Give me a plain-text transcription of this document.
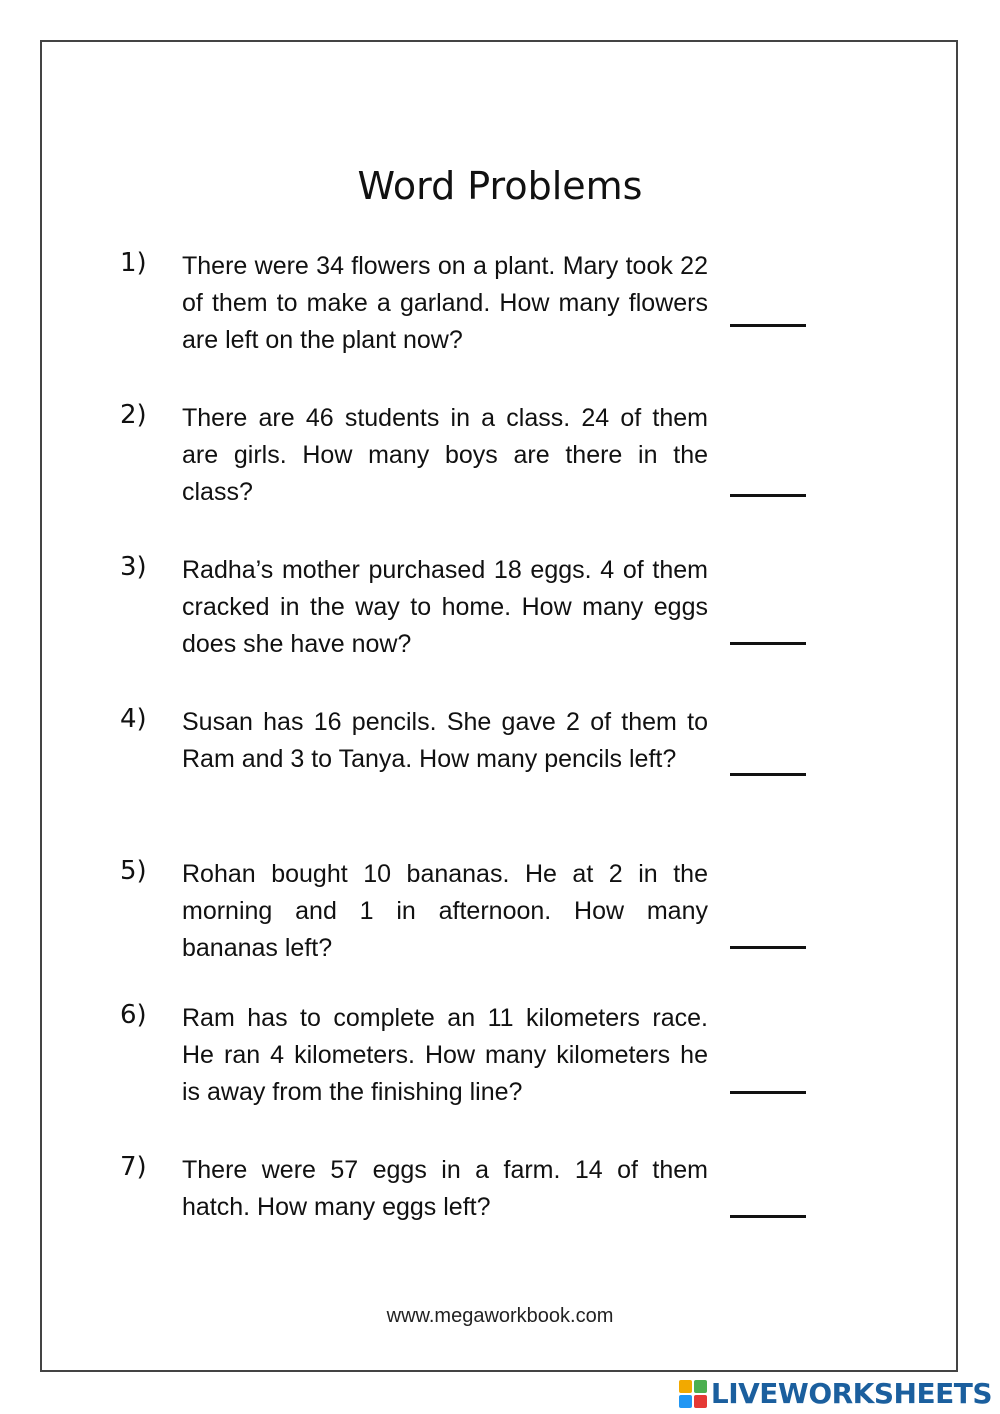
Word Problems
1) There were 34 flowers on a plant. Mary took 22 of them to make a garland. How many flowers are left on the plant now?
2) There are 46 students in a class. 24 of them are girls. How many boys are there in the class?
3) Radha’s mother purchased 18 eggs. 4 of them cracked in the way to home. How many eggs does she have now?
4) Susan has 16 pencils. She gave 2 of them to Ram and 3 to Tanya. How many pencils left?
5) Rohan bought 10 bananas. He at 2 in the morning and 1 in afternoon. How many bananas left?
6) Ram has to complete an 11 kilometers race. He ran 4 kilometers. How many kilometers he is away from the finishing line?
7) There were 57 eggs in a farm. 14 of them hatch. How many eggs left?
www.megaworkbook.com
LIVEWORKSHEETS
